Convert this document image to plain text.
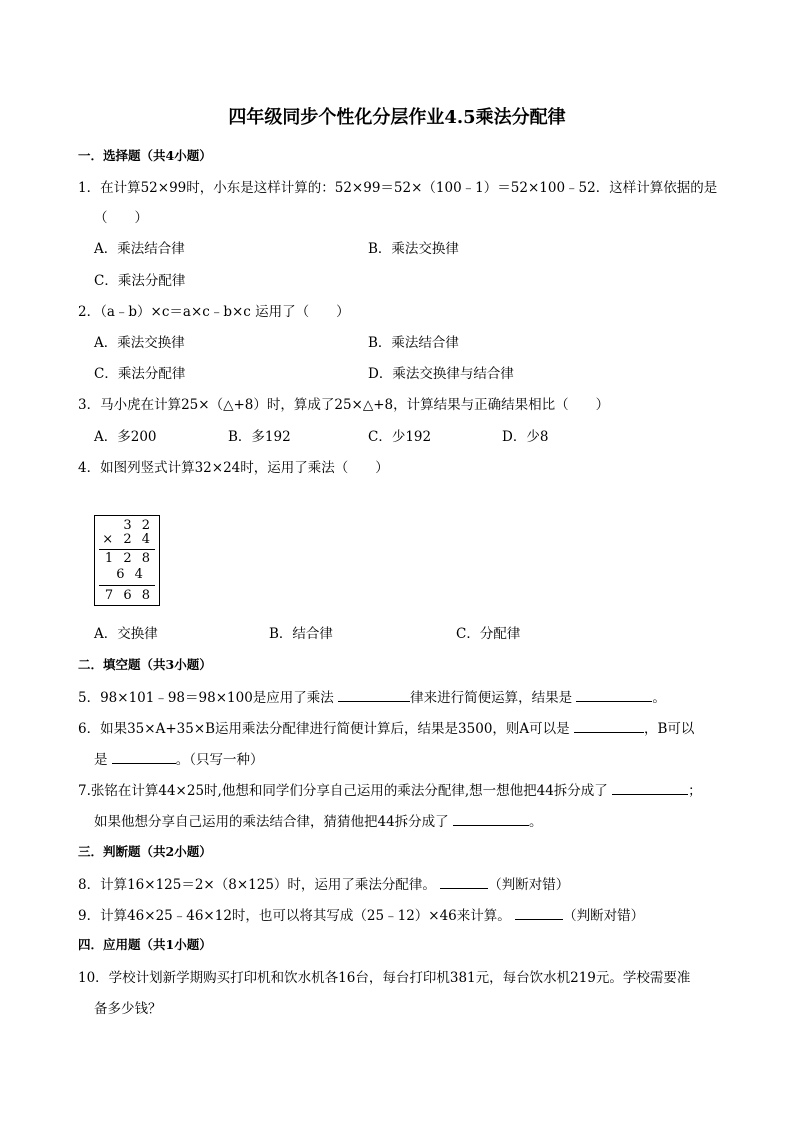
四年级同步个性化分层作业4.5乘法分配律
一．选择题（共4小题）
1．在计算52×99时，小东是这样计算的：52×99＝52×（100﹣1）＝52×100﹣52．这样计算依据的是
（　　）
A．乘法结合律	B．乘法交换律
C．乘法分配律
2．（a﹣b）×c＝a×c﹣b×c 运用了（　　）
A．乘法交换律	B．乘法结合律
C．乘法分配律	D．乘法交换律与结合律
3．马小虎在计算25×（△+8）时，算成了25×△+8，计算结果与正确结果相比（　　）
A．多200	B．多192	C．少192	D．少8
4．如图列竖式计算32×24时，运用了乘法（　　）
3 2
× 2 4
1 2 8
6 4
7 6 8
A．交换律	B．结合律	C．分配律
二．填空题（共3小题）
5．98×101﹣98＝98×100是应用了乘法	律来进行简便运算，结果是	。
6．如果35×A+35×B运用乘法分配律进行简便计算后，结果是3500，则A可以是	，B可以
是	。（只写一种）
7.张铭在计算44×25时,他想和同学们分享自己运用的乘法分配律,想一想他把44拆分成了	；
如果他想分享自己运用的乘法结合律，猜猜他把44拆分成了	。
三．判断题（共2小题）
8．计算16×125＝2×（8×125）时，运用了乘法分配律。	（判断对错）
9．计算46×25﹣46×12时，也可以将其写成（25﹣12）×46来计算。	（判断对错）
四．应用题（共1小题）
10．学校计划新学期购买打印机和饮水机各16台，每台打印机381元，每台饮水机219元。学校需要准
备多少钱？
